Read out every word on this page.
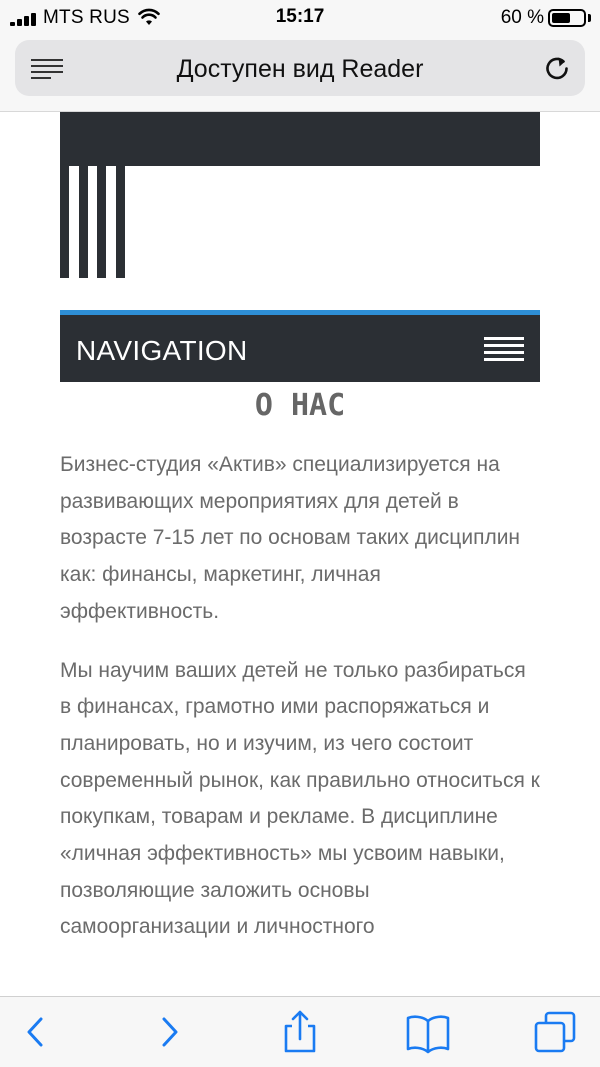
MTS RUS	15:17	60 %
Доступен вид Reader
NAVIGATION
О НАС

Бизнес-студия «Актив» специализируется на развивающих мероприятиях для детей в возрасте 7-15 лет по основам таких дисциплин как: финансы, маркетинг, личная эффективность.

Мы научим ваших детей не только разбираться в финансах, грамотно ими распоряжаться и планировать, но и изучим, из чего состоит современный рынок, как правильно относиться к покупкам, товарам и рекламе. В дисциплине «личная эффективность» мы усвоим навыки, позволяющие заложить основы самоорганизации и личностного
